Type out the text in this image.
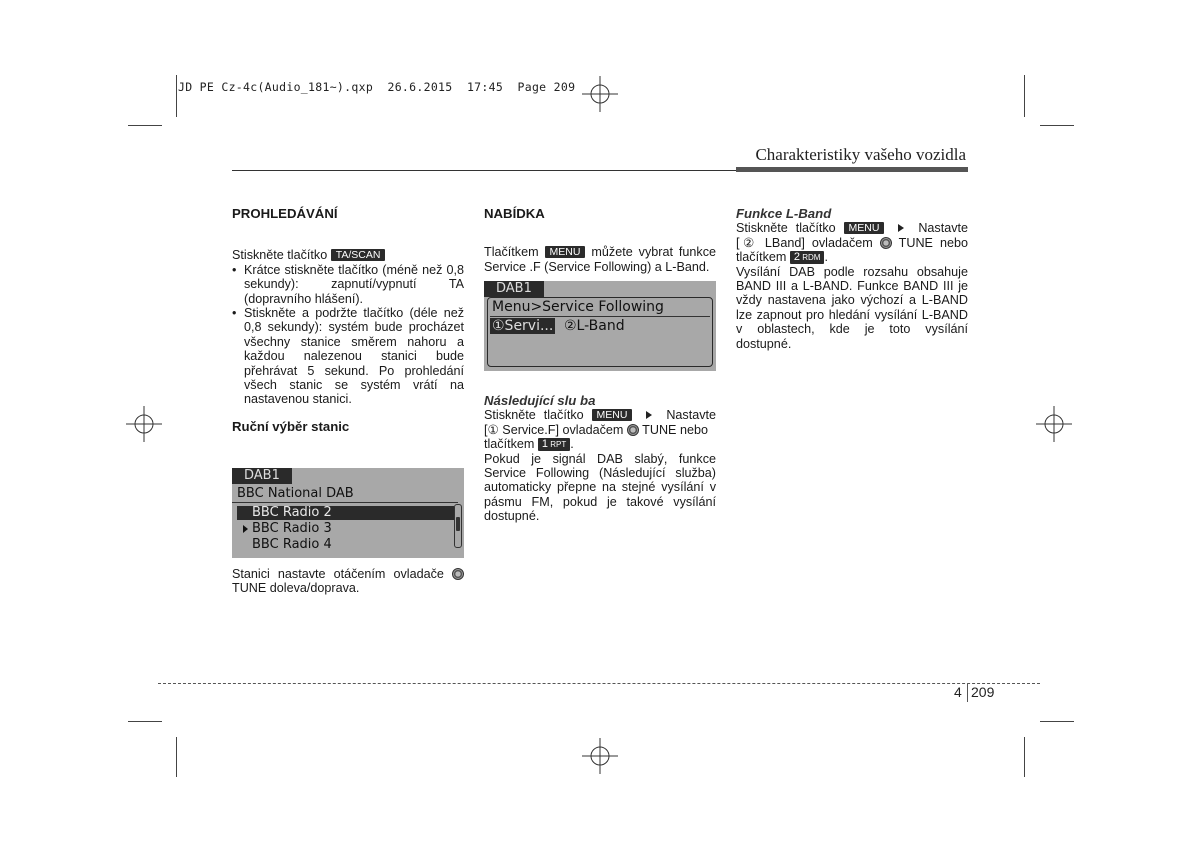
JD PE Cz-4c(Audio_181~).qxp  26.6.2015  17:45  Page 209
Charakteristiky vašeho vozidla
PROHLEDÁVÁNÍ

Stiskněte tlačítko TA/SCAN

• Krátce stiskněte tlačítko (méně než 0,8 sekundy): zapnutí/vypnutí TA (dopravního hlášení).
• Stiskněte a podržte tlačítko (déle než 0,8 sekundy): systém bude procházet všechny stanice směrem nahoru a každou nalezenou stanici bude přehrávat 5 sekund. Po prohledání všech stanic se systém vrátí na nastavenou stanici.
Ruční výběr stanic
DAB1
BBC National DAB
BBC Radio 2
BBC Radio 3
BBC Radio 4

Stanici nastavte otáčením ovladače

TUNE doleva/doprava.

NABÍDKA

Tlačítkem MENU můžete vybrat funkce Service .F (Service Following) a L-Band.

DAB1
Menu>Service Following
①Servi... ②L-Band
Následující slu ba

Stiskněte tlačítko MENU	Nastavte

[① Service.F] ovladačem TUNE nebo

tlačítkem 1 RPT .

Pokud je signál DAB slabý, funkce Service Following (Následující služba) automaticky přepne na stejné vysílání v pásmu FM, pokud je takové vysílání dostupné.

Funkce L-Band

Stiskněte tlačítko MENU	Nastavte

[② LBand] ovladačem TUNE nebo

tlačítkem 2 RDM .

Vysílání DAB podle rozsahu obsahuje BAND III a L-BAND. Funkce BAND III je vždy nastavena jako výchozí a L-BAND lze zapnout pro hledání vysílání L-BAND v oblastech, kde je toto vysílání dostupné.

4 209
